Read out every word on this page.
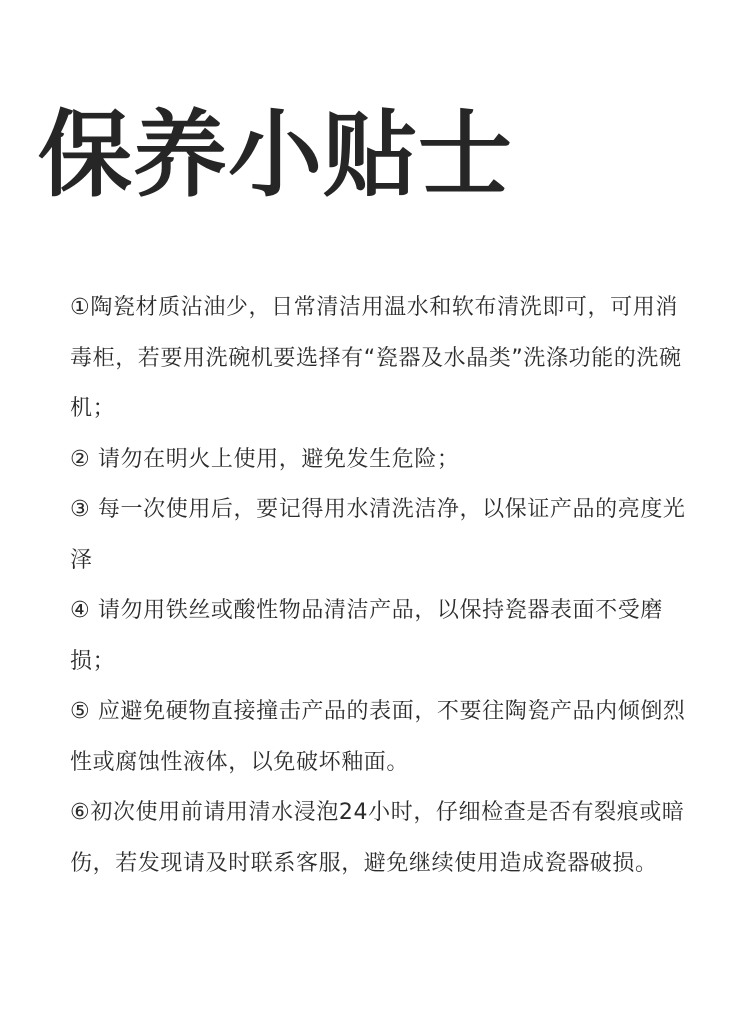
保养小贴士
①陶瓷材质沾油少，日常清洁用温水和软布清洗即可，可用消毒柜，若要用洗碗机要选择有“瓷器及水晶类”洗涤功能的洗碗机；
② 请勿在明火上使用，避免发生危险；
③ 每一次使用后，要记得用水清洗洁净，以保证产品的亮度光泽
④ 请勿用铁丝或酸性物品清洁产品，以保持瓷器表面不受磨损；
⑤ 应避免硬物直接撞击产品的表面，不要往陶瓷产品内倾倒烈性或腐蚀性液体，以免破坏釉面。
⑥初次使用前请用清水浸泡24小时，仔细检查是否有裂痕或暗伤，若发现请及时联系客服，避免继续使用造成瓷器破损。
